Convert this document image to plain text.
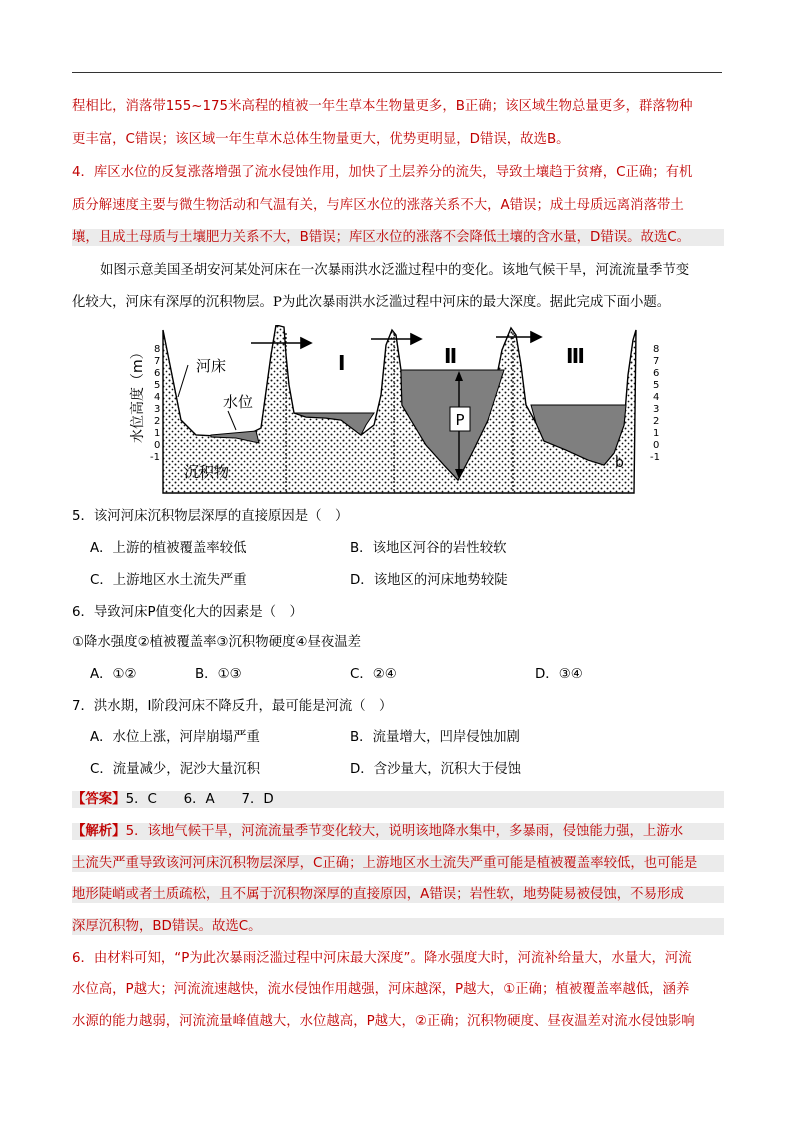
程相比，消落带155~175米高程的植被一年生草本生物量更多，B正确；该区域生物总量更多，群落物种

更丰富，C错误；该区域一年生草木总体生物量更大，优势更明显，D错误，故选B。

4．库区水位的反复涨落增强了流水侵蚀作用，加快了土层养分的流失，导致土壤趋于贫瘠，C正确；有机

质分解速度主要与微生物活动和气温有关，与库区水位的涨落关系不大，A错误；成土母质远离消落带土

壤，且成土母质与土壤肥力关系不大，B错误；库区水位的涨落不会降低土壤的含水量，D错误。故选C。

如图示意美国圣胡安河某处河床在一次暴雨洪水泛滥过程中的变化。该地气候干旱，河流流量季节变

化较大，河床有深厚的沉积物层。P为此次暴雨洪水泛滥过程中河床的最大深度。据此完成下面小题。

P
Ⅰ	Ⅱ	Ⅲ
河床
水位
沉积物	b
水位高度（m） 8
7
6
5
4
3
2
1
0
-1
8
7
6
5
4
3
2
1
0
-1

5．该河河床沉积物层深厚的直接原因是（　）

A．上游的植被覆盖率较低	B．该地区河谷的岩性较软
C．上游地区水土流失严重	D．该地区的河床地势较陡

6．导致河床P值变化大的因素是（　）

①降水强度②植被覆盖率③沉积物硬度④昼夜温差

A．①②	B．①③	C．②④	D．③④

7．洪水期，I阶段河床不降反升，最可能是河流（　）

A．水位上涨，河岸崩塌严重	B．流量增大，凹岸侵蚀加剧
C．流量减少，泥沙大量沉积	D．含沙量大，沉积大于侵蚀

【答案】5．C　　6．A　　7．D

【解析】5．该地气候干旱，河流流量季节变化较大，说明该地降水集中，多暴雨，侵蚀能力强，上游水

土流失严重导致该河河床沉积物层深厚，C正确；上游地区水土流失严重可能是植被覆盖率较低，也可能是

地形陡峭或者土质疏松，且不属于沉积物深厚的直接原因，A错误；岩性软，地势陡易被侵蚀，不易形成

深厚沉积物，BD错误。故选C。

6．由材料可知，“P为此次暴雨泛滥过程中河床最大深度”。降水强度大时，河流补给量大，水量大，河流

水位高，P越大；河流流速越快，流水侵蚀作用越强，河床越深，P越大，①正确；植被覆盖率越低，涵养

水源的能力越弱，河流流量峰值越大，水位越高，P越大，②正确；沉积物硬度、昼夜温差对流水侵蚀影响
